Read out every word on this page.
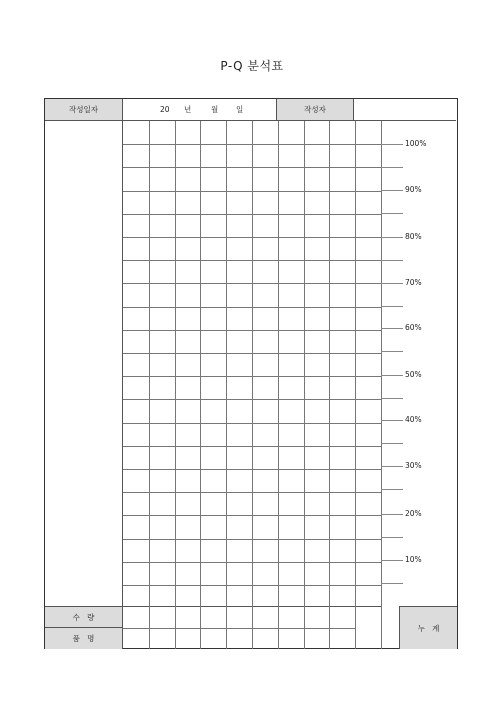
P-Q 분석표
작성일자	20 년	월 일	작성자
수   량
품   명
누   계
100%
90%
80%
70%
60%
50%
40%
30%
20%
10%
